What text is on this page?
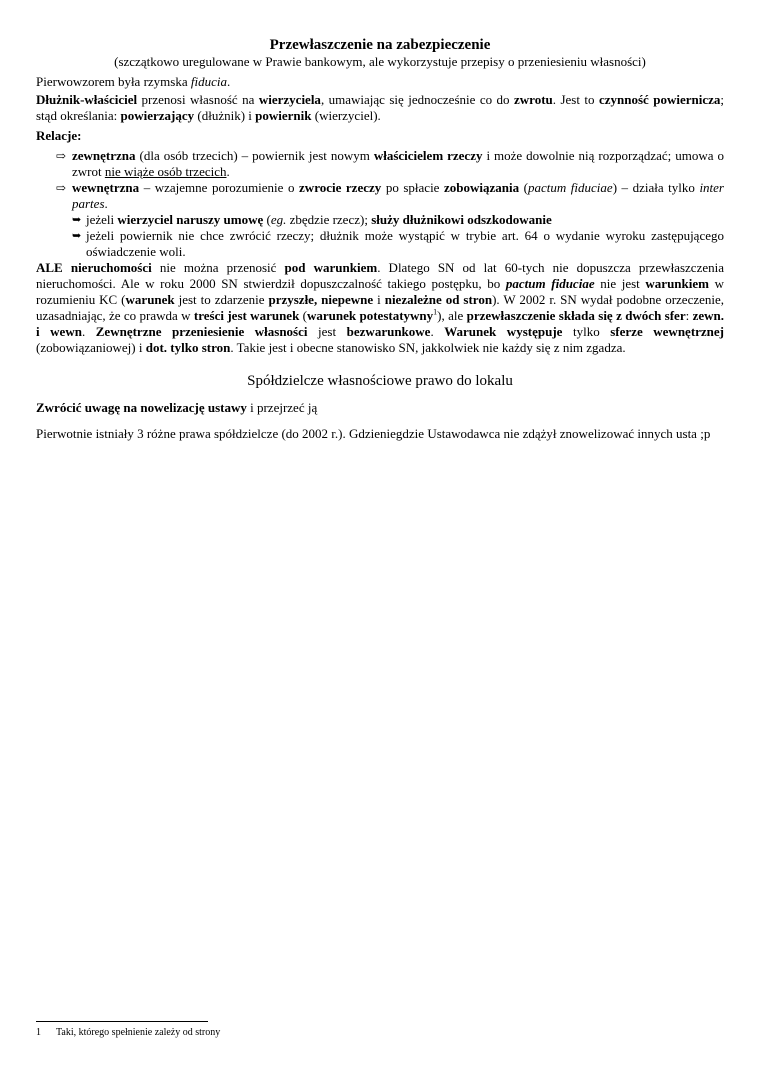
Przewłaszczenie na zabezpieczenie

(szczątkowo uregulowane w Prawie bankowym, ale wykorzystuje przepisy o przeniesieniu własności)

Pierwowzorem była rzymska fiducia.

Dłużnik-właściciel przenosi własność na wierzyciela, umawiając się jednocześnie co do zwrotu. Jest to czynność powiernicza; stąd określania: powierzający (dłużnik) i powiernik (wierzyciel).

Relacje:

⇨ zewnętrzna (dla osób trzecich) – powiernik jest nowym właścicielem rzeczy i może dowolnie nią rozporządzać; umowa o zwrot nie wiąże osób trzecich.
⇨ wewnętrzna – wzajemne porozumienie o zwrocie rzeczy po spłacie zobowiązania (pactum fiduciae) – działa tylko inter partes.
➥ jeżeli wierzyciel naruszy umowę (eg. zbędzie rzecz); służy dłużnikowi odszkodowanie
➥ jeżeli powiernik nie chce zwrócić rzeczy; dłużnik może wystąpić w trybie art. 64 o wydanie wyroku zastępującego oświadczenie woli.

ALE nieruchomości nie można przenosić pod warunkiem. Dlatego SN od lat 60-tych nie dopuszcza przewłaszczenia nieruchomości. Ale w roku 2000 SN stwierdził dopuszczalność takiego postępku, bo pactum fiduciae nie jest warunkiem w rozumieniu KC (warunek jest to zdarzenie przyszłe, niepewne i niezależne od stron). W 2002 r. SN wydał podobne orzeczenie, uzasadniając, że co prawda w treści jest warunek (warunek potestatywny$^1$), ale przewłaszczenie składa się z dwóch sfer: zewn. i wewn. Zewnętrzne przeniesienie własności jest bezwarunkowe. Warunek występuje tylko sferze wewnętrznej (zobowiązaniowej) i dot. tylko stron. Takie jest i obecne stanowisko SN, jakkolwiek nie każdy się z nim zgadza.

Spółdzielcze własnościowe prawo do lokalu

Zwrócić uwagę na nowelizację ustawy i przejrzeć ją

Pierwotnie istniały 3 różne prawa spółdzielcze (do 2002 r.). Gdzieniegdzie Ustawodawca nie zdążył znowelizować innych usta ;p

1 Taki, którego spełnienie zależy od strony
